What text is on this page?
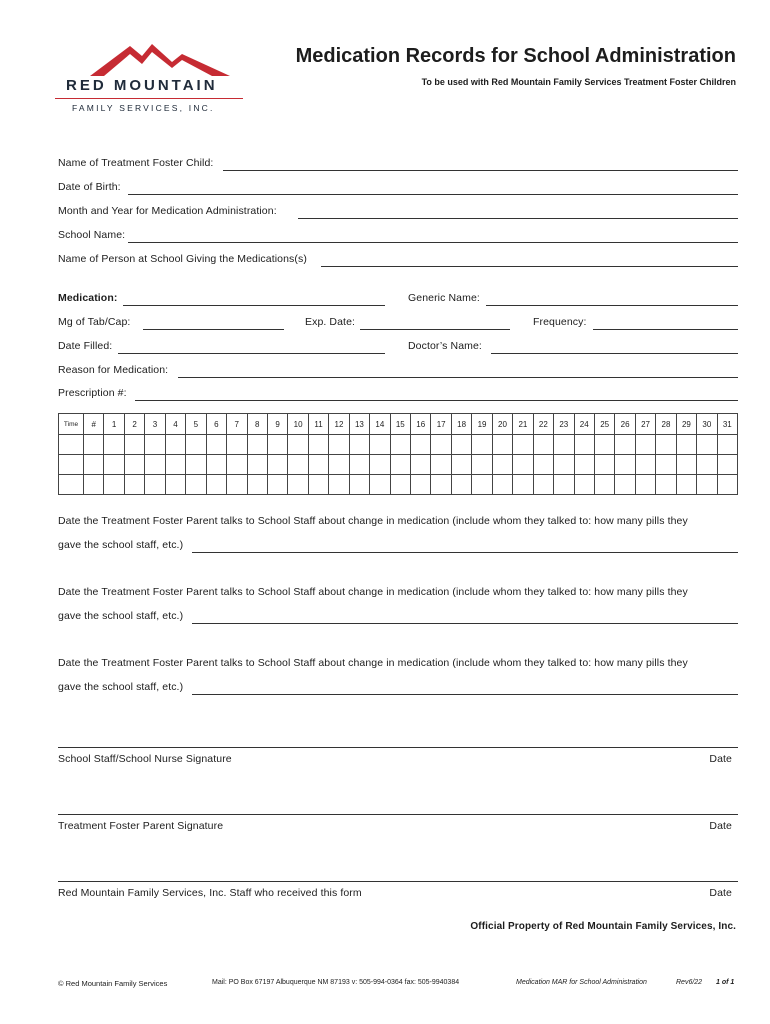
RED MOUNTAIN
FAMILY SERVICES, INC.
Medication Records for School Administration
To be used with Red Mountain Family Services Treatment Foster Children
Name of Treatment Foster Child:
Date of Birth:
Month and Year for Medication Administration:
School Name:
Name of Person at School Giving the Medications(s)
Medication:	Generic Name:
Mg of Tab/Cap:	Exp. Date:	Frequency:
Date Filled:	Doctor’s Name:
Reason for Medication:
Prescription #:
Time	#	1	2	3	4	5	6	7	8	9	10	11	12	13	14	15	16	17	18	19	20	21	22	23	24	25	26	27	28	29	30	31

Date the Treatment Foster Parent talks to School Staff about change in medication (include whom they talked to: how many pills they
gave the school staff, etc.)
Date the Treatment Foster Parent talks to School Staff about change in medication (include whom they talked to: how many pills they
gave the school staff, etc.)
Date the Treatment Foster Parent talks to School Staff about change in medication (include whom they talked to: how many pills they
gave the school staff, etc.)
School Staff/School Nurse Signature	Date
Treatment Foster Parent Signature	Date
Red Mountain Family Services, Inc. Staff who received this form	Date
Official Property of Red Mountain Family Services, Inc.
© Red Mountain Family Services	Mail: PO Box 67197 Albuquerque NM 87193 v: 505-994-0364 fax: 505-9940384	Medication MAR for School Administration	Rev6/22 1 of 1
